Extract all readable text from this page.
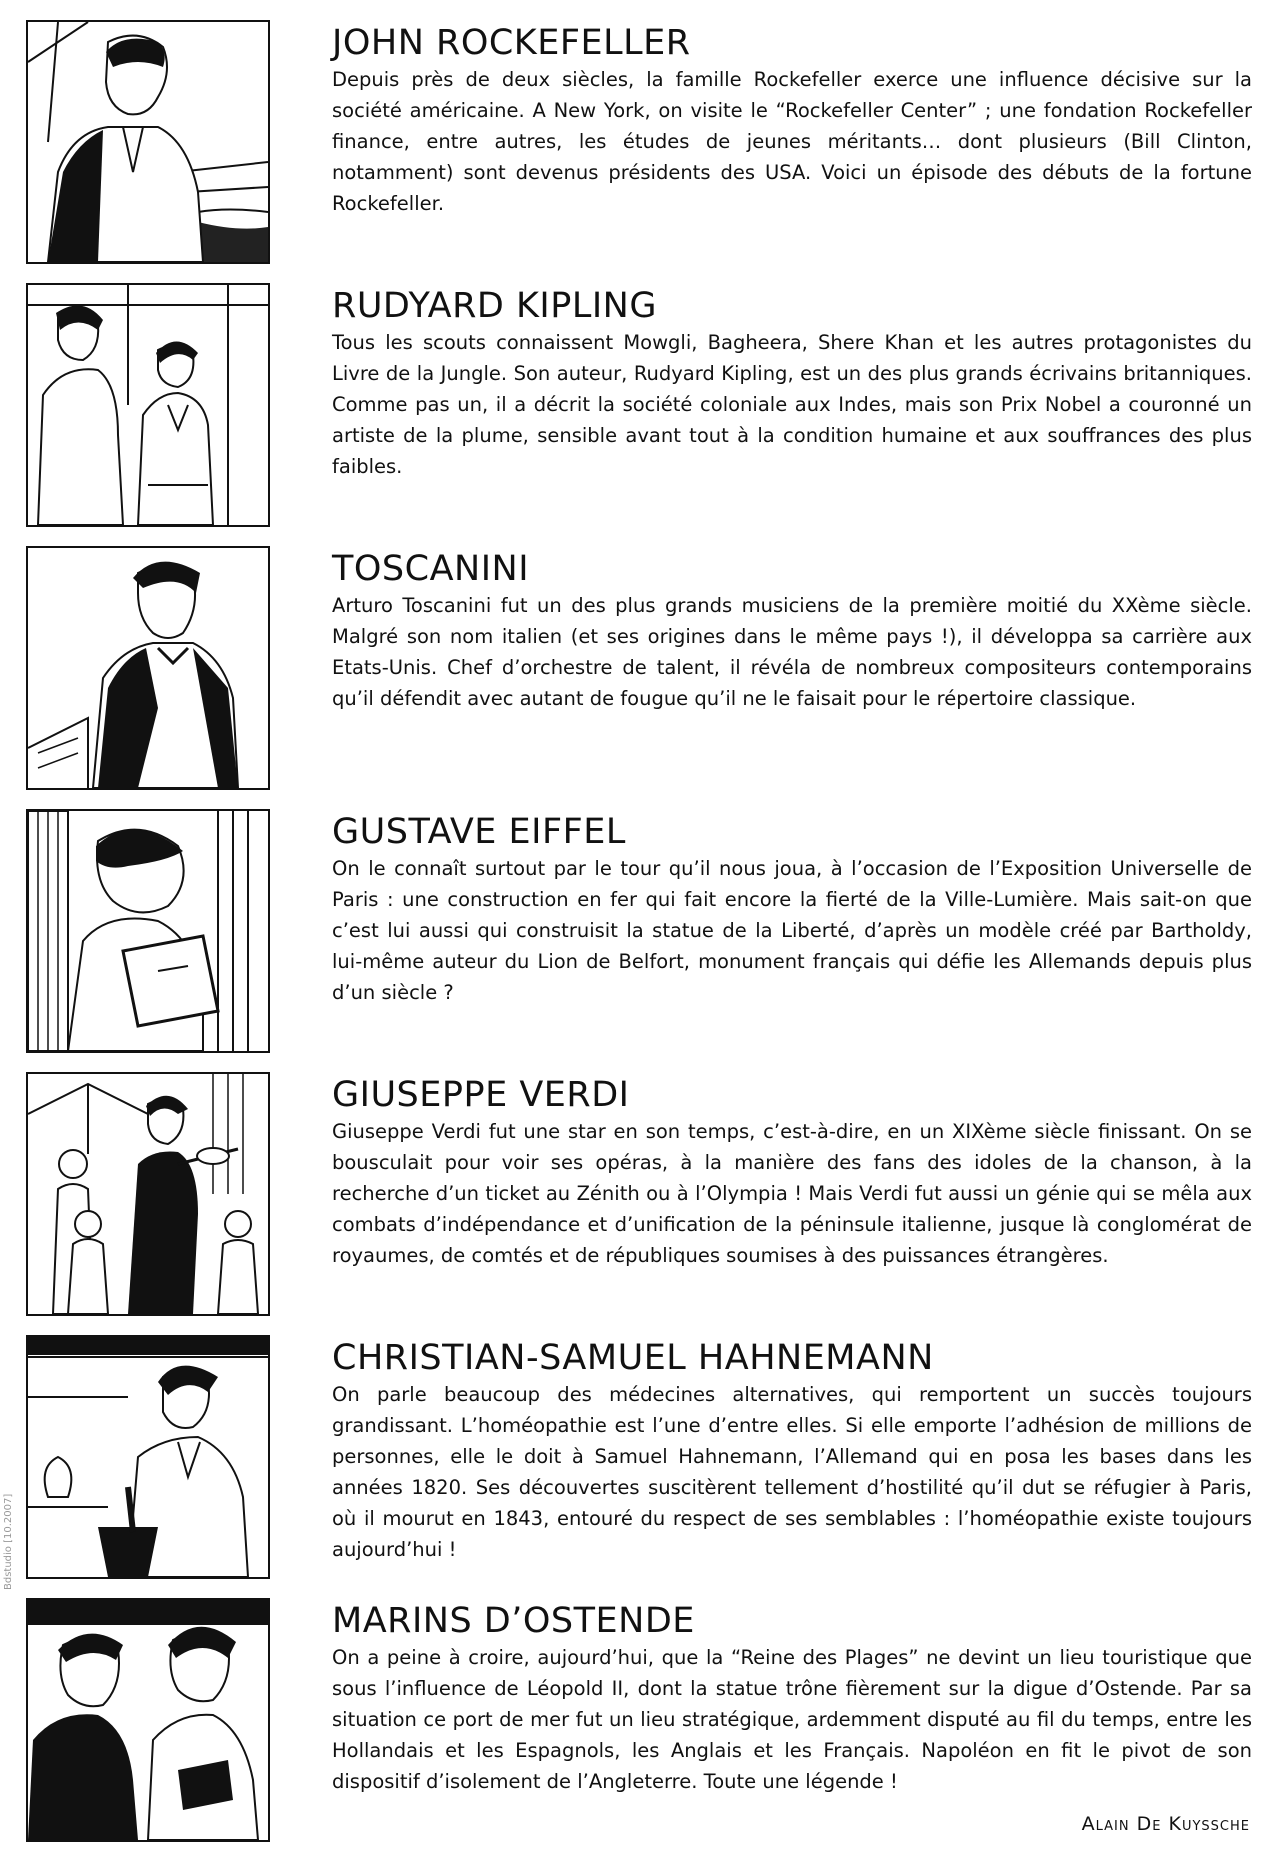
JOHN ROCKEFELLER

Depuis près de deux siècles, la famille Rockefeller exerce une influence décisive sur la société américaine. A New York, on visite le “Rockefeller Center” ; une fondation Rockefeller finance, entre autres, les études de jeunes méritants… dont plusieurs (Bill Clinton, notamment) sont devenus présidents des USA. Voici un épisode des débuts de la fortune Rockefeller.

RUDYARD KIPLING

Tous les scouts connaissent Mowgli, Bagheera, Shere Khan et les autres protagonistes du Livre de la Jungle. Son auteur, Rudyard Kipling, est un des plus grands écrivains britanniques. Comme pas un, il a décrit la société coloniale aux Indes, mais son Prix Nobel a couronné un artiste de la plume, sensible avant tout à la condition humaine et aux souffrances des plus faibles.

TOSCANINI

Arturo Toscanini fut un des plus grands musiciens de la première moitié du XXème siècle. Malgré son nom italien (et ses origines dans le même pays !), il développa sa carrière aux Etats-Unis. Chef d’orchestre de talent, il révéla de nombreux compositeurs contemporains qu’il défendit avec autant de fougue qu’il ne le faisait pour le répertoire classique.

GUSTAVE EIFFEL

On le connaît surtout par le tour qu’il nous joua, à l’occasion de l’Exposition Universelle de Paris : une construction en fer qui fait encore la fierté de la Ville-Lumière. Mais sait-on que c’est lui aussi qui construisit la statue de la Liberté, d’après un modèle créé par Bartholdy, lui-même auteur du Lion de Belfort, monument français qui défie les Allemands depuis plus d’un siècle ?

GIUSEPPE VERDI

Giuseppe Verdi fut une star en son temps, c’est-à-dire, en un XIXème siècle finissant. On se bousculait pour voir ses opéras, à la manière des fans des idoles de la chanson, à la recherche d’un ticket au Zénith ou à l’Olympia ! Mais Verdi fut aussi un génie qui se mêla aux combats d’indépendance et d’unification de la péninsule italienne, jusque là conglomérat de royaumes, de comtés et de républiques soumises à des puissances étrangères.

CHRISTIAN-SAMUEL HAHNEMANN

On parle beaucoup des médecines alternatives, qui remportent un succès toujours grandissant. L’homéopathie est l’une d’entre elles. Si elle emporte l’adhésion de millions de personnes, elle le doit à Samuel Hahnemann, l’Allemand qui en posa les bases dans les années 1820. Ses découvertes suscitèrent tellement d’hostilité qu’il dut se réfugier à Paris, où il mourut en 1843, entouré du respect de ses semblables : l’homéopathie existe toujours aujourd’hui !

MARINS D’OSTENDE

On a peine à croire, aujourd’hui, que la “Reine des Plages” ne devint un lieu touristique que sous l’influence de Léopold II, dont la statue trône fièrement sur la digue d’Ostende. Par sa situation ce port de mer fut un lieu stratégique, ardemment disputé au fil du temps, entre les Hollandais et les Espagnols, les Anglais et les Français. Napoléon en fit le pivot de son dispositif d’isolement de l’Angleterre. Toute une légende !

Alain De Kuyssche
Bdstudio [10.2007]
